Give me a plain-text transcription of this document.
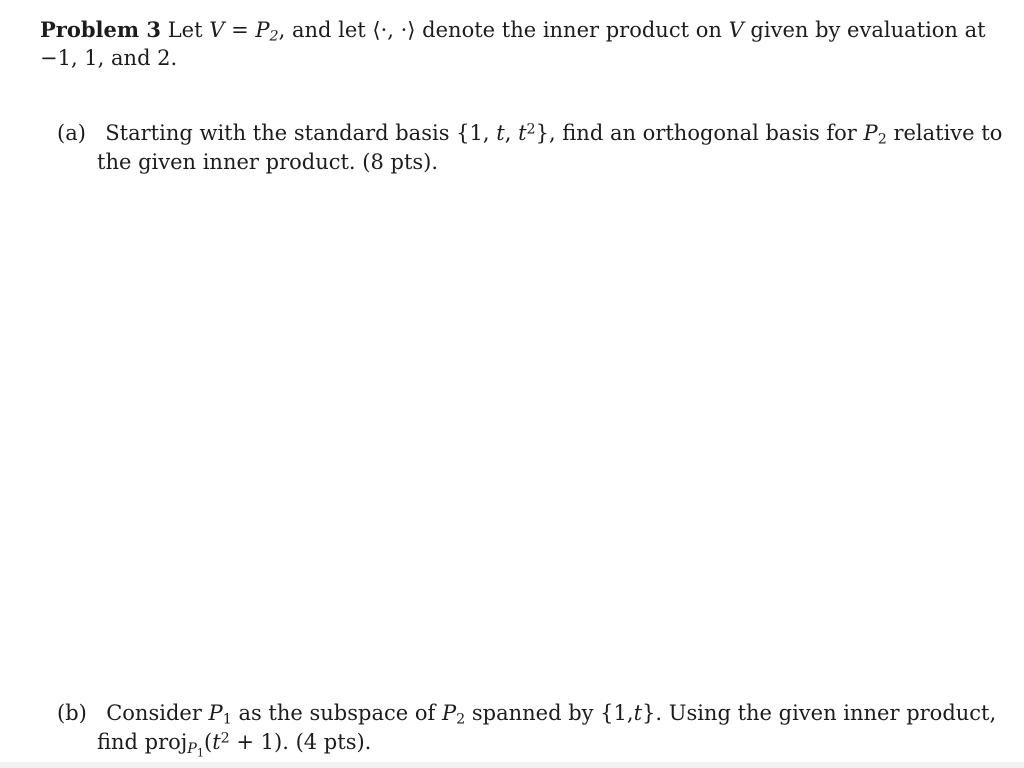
Problem 3 Let $V = P_2$, and let ⟨·, ·⟩ denote the inner product on V given by evaluation at
−1, 1, and 2.
(a) Starting with the standard basis {1, t, $t^2$}, find an orthogonal basis for $P_2$ relative to
the given inner product. (8 pts).
(b) Consider $P_1$ as the subspace of $P_2$ spanned by {1,t}. Using the given inner product,
find $proj_{P_1}(t^2 + 1)$. (4 pts).
